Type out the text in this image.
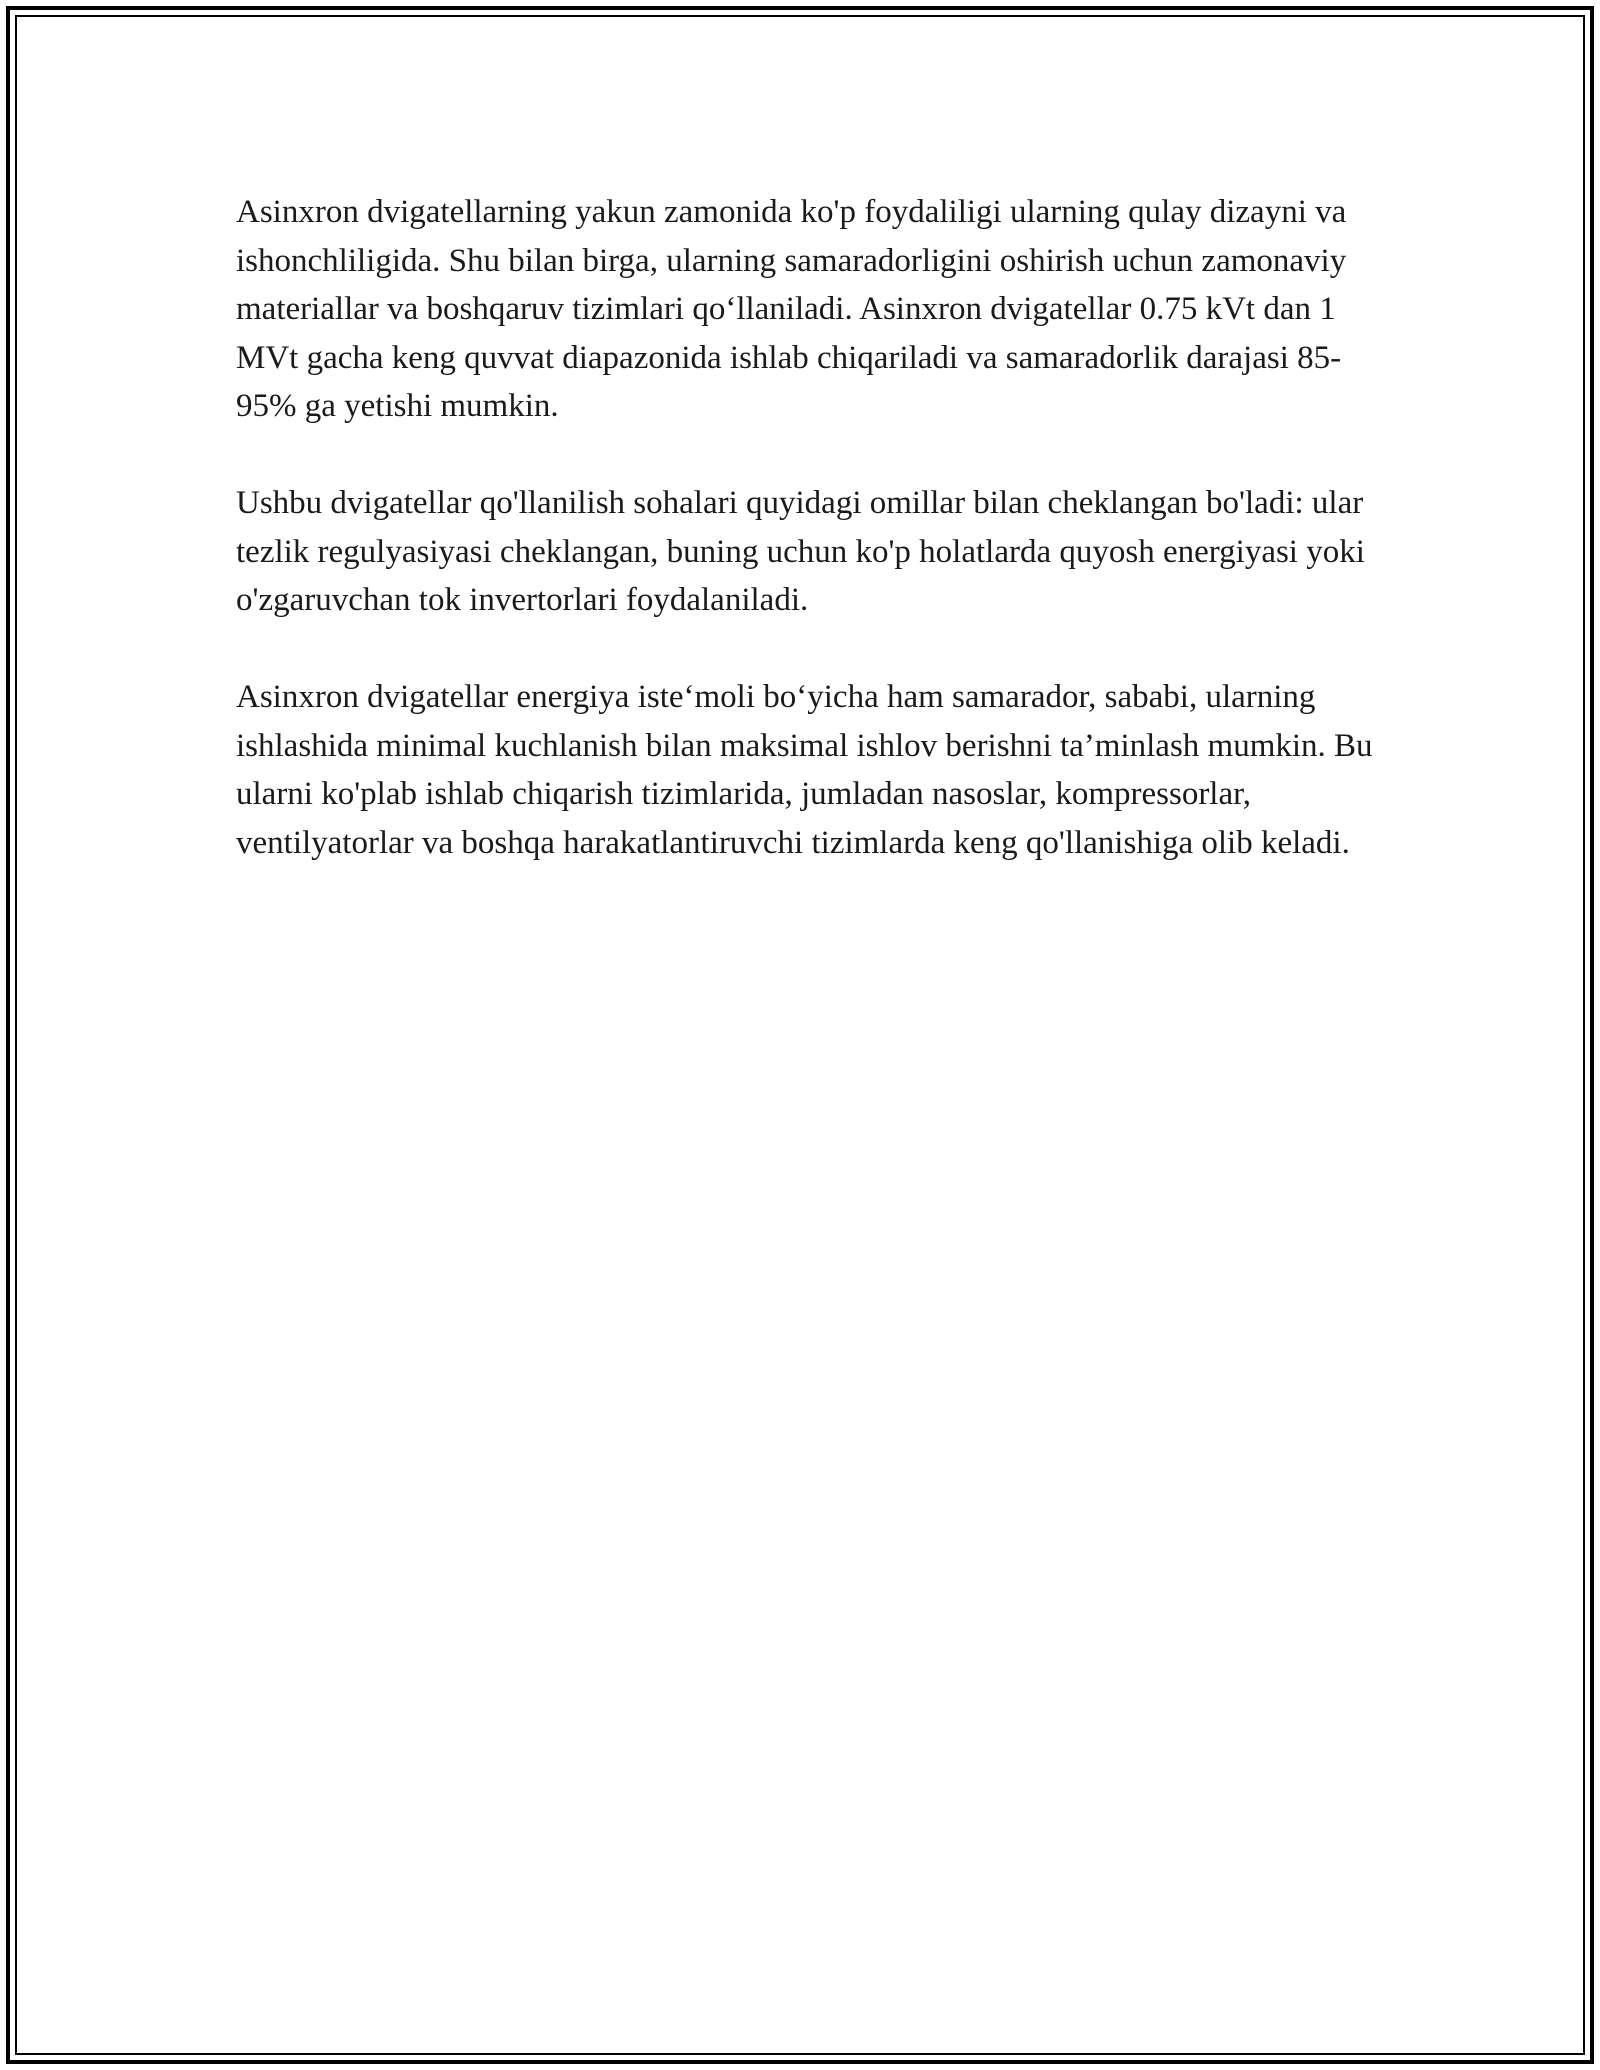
Asinxron dvigatellarning yakun zamonida ko'p foydaliligi ularning qulay dizayni va ishonchliligida. Shu bilan birga, ularning samaradorligini oshirish uchun zamonaviy materiallar va boshqaruv tizimlari qo‘llaniladi. Asinxron dvigatellar 0.75 kVt dan 1 MVt gacha keng quvvat diapazonida ishlab chiqariladi va samaradorlik darajasi 85-95% ga yetishi mumkin.

Ushbu dvigatellar qo'llanilish sohalari quyidagi omillar bilan cheklangan bo'ladi: ular tezlik regulyasiyasi cheklangan, buning uchun ko'p holatlarda quyosh energiyasi yoki o'zgaruvchan tok invertorlari foydalaniladi.

Asinxron dvigatellar energiya iste‘moli bo‘yicha ham samarador, sababi, ularning ishlashida minimal kuchlanish bilan maksimal ishlov berishni ta’minlash mumkin. Bu ularni ko'plab ishlab chiqarish tizimlarida, jumladan nasoslar, kompressorlar, ventilyatorlar va boshqa harakatlantiruvchi tizimlarda keng qo'llanishiga olib keladi.
